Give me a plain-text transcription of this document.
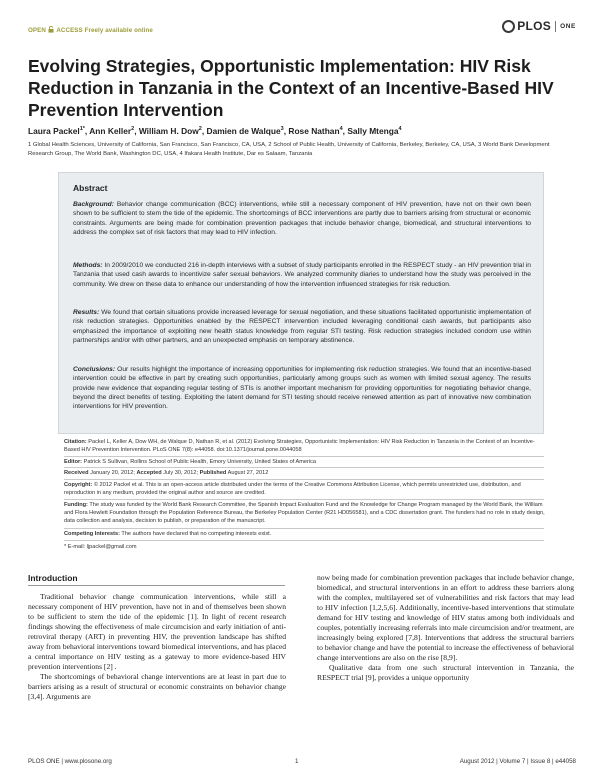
OPEN ACCESS Freely available online	PLOS ONE
Evolving Strategies, Opportunistic Implementation: HIV Risk Reduction in Tanzania in the Context of an Incentive-Based HIV Prevention Intervention
Laura Packel$^{1*}$, Ann Keller$^2$, William H. Dow$^2$, Damien de Walque$^3$, Rose Nathan$^4$, Sally Mtenga$^4$
1 Global Health Sciences, University of California, San Francisco, San Francisco, CA, USA, 2 School of Public Health, University of California, Berkeley, Berkeley, CA, USA, 3 World Bank Development Research Group, The World Bank, Washington DC, USA, 4 Ifakara Health Institute, Dar es Salaam, Tanzania
Abstract
Background: Behavior change communication (BCC) interventions, while still a necessary component of HIV prevention, have not on their own been shown to be sufficient to stem the tide of the epidemic. The shortcomings of BCC interventions are partly due to barriers arising from structural or economic constraints. Arguments are being made for combination prevention packages that include behavior change, biomedical, and structural interventions to address the complex set of risk factors that may lead to HIV infection.
Methods: In 2009/2010 we conducted 216 in-depth interviews with a subset of study participants enrolled in the RESPECT study - an HIV prevention trial in Tanzania that used cash awards to incentivize safer sexual behaviors. We analyzed community diaries to understand how the study was perceived in the community. We drew on these data to enhance our understanding of how the intervention influenced strategies for risk reduction.
Results: We found that certain situations provide increased leverage for sexual negotiation, and these situations facilitated opportunistic implementation of risk reduction strategies. Opportunities enabled by the RESPECT intervention included leveraging conditional cash awards, but participants also emphasized the importance of exploiting new health status knowledge from regular STI testing. Risk reduction strategies included condom use within partnerships and/or with other partners, and an unexpected emphasis on temporary abstinence.
Conclusions: Our results highlight the importance of increasing opportunities for implementing risk reduction strategies. We found that an incentive-based intervention could be effective in part by creating such opportunities, particularly among groups such as women with limited sexual agency. The results provide new evidence that expanding regular testing of STIs is another important mechanism for providing opportunities for negotiating behavior change, beyond the direct benefits of testing. Exploiting the latent demand for STI testing should receive renewed attention as part of innovative new combination interventions for HIV prevention.
Citation: Packel L, Keller A, Dow WH, de Walque D, Nathan R, et al. (2012) Evolving Strategies, Opportunistic Implementation: HIV Risk Reduction in Tanzania in the Context of an Incentive-Based HIV Prevention Intervention. PLoS ONE 7(8): e44058. doi:10.1371/journal.pone.0044058
Editor: Patrick S Sullivan, Rollins School of Public Health, Emory University, United States of America
Received January 20, 2012; Accepted July 30, 2012; Published August 27, 2012
Copyright: © 2012 Packel et al. This is an open-access article distributed under the terms of the Creative Commons Attribution License, which permits unrestricted use, distribution, and reproduction in any medium, provided the original author and source are credited.
Funding: The study was funded by the World Bank Research Committee, the Spanish Impact Evaluation Fund and the Knowledge for Change Program managed by the World Bank, the William and Flora Hewlett Foundation through the Population Reference Bureau, the Berkeley Population Center (R21 HD056581), and a CDC dissertation grant. The funders had no role in study design, data collection and analysis, decision to publish, or preparation of the manuscript.
Competing Interests: The authors have declared that no competing interests exist.
* E-mail: ljpackel@gmail.com
Introduction

Traditional behavior change communication interventions, while still a necessary component of HIV prevention, have not in and of themselves been shown to be sufficient to stem the tide of the epidemic [1]. In light of recent research findings showing the effectiveness of male circumcision and early initiation of anti-retroviral therapy (ART) in preventing HIV, the prevention landscape has shifted away from behavioral interventions toward biomedical interventions, and has placed a central importance on HIV testing as a gateway to more evidence-based HIV prevention interventions [2] .

The shortcomings of behavioral change interventions are at least in part due to barriers arising as a result of structural or economic constraints on behavior change [3,4]. Arguments are

now being made for combination prevention packages that include behavior change, biomedical, and structural interventions in an effort to address these barriers along with the complex, multilayered set of vulnerabilities and risk factors that may lead to HIV infection [1,2,5,6]. Additionally, incentive-based interventions that stimulate demand for HIV testing and knowledge of HIV status among both individuals and couples, potentially increasing referrals into male circumcision and/or treatment, are increasingly being explored [7,8]. Interventions that address the structural barriers to behavior change and have the potential to increase the effectiveness of behavioral change interventions are also on the rise [8,9].

Qualitative data from one such structural intervention in Tanzania, the RESPECT trial [9], provides a unique opportunity

PLOS ONE | www.plosone.org	1	August 2012 | Volume 7 | Issue 8 | e44058
